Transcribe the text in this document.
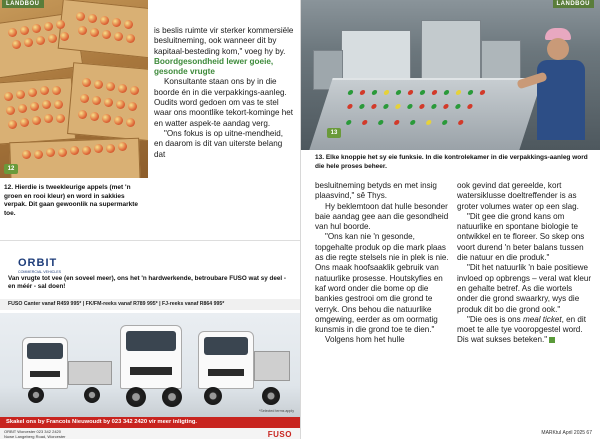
LANDBOU
12
12. Hierdie is tweekleurige appels (met 'n groen en rooi kleur) en word in sakkies verpak. Dit gaan gewoonlik na supermarkte toe.

is beslis ruimte vir sterker kommersiële besluitneming, ook wanneer dit by kapitaal-besteding kom," voeg hy by.

Boordgesondheid lewer goeie, gesonde vrugte

Konsultante staan ons by in die boorde én in die verpakkings-aanleg. Oudits word gedoen om vas te stel waar ons moontlike tekort-kominge het en watter aspek-te aandag verg.

"Ons fokus is op uitne-mendheid, en daarom is dit van uiterste belang dat

ORBIT
COMMERCIAL VEHICLES
Van vrugte tot vee (en soveel meer), ons het 'n hardwerkende, betroubare FUSO wat sy deel - en méér - sal doen!
FUSO Canter vanaf R459 995* | FK/FM-reeks vanaf R789 995* | FJ-reeks vanaf R864 995*
*Selected terms apply
Skakel ons by Francois Nieuwoudt by 023 342 2420 vir meer inligting.
ORBIT Worcester 023 342 2420
Nuwe Langeberg Road, Worcester	FUSO
13
LANDBOU
13. Elke knoppie het sy eie funksie. In die kontrolekamer in die verpakkings-aanleg word die hele proses beheer.

besluitneming betyds en met insig plaasvind," sê Thys.

Hy beklemtoon dat hulle besonder baie aandag gee aan die gesondheid van hul boorde.

"Ons kan nie 'n gesonde, topgehalte produk op die mark plaas as die regte stelsels nie in plek is nie. Ons maak hoofsaaklik gebruik van natuurlike prosesse. Houtskyfies en kaf word onder die bome op die bankies gestrooi om die grond te verryk. Ons behou die natuurlike omgewing, eerder as om oormatig kunsmis in die grond toe te dien."

Volgens hom het hulle

ook gevind dat gereelde, kort watersiklusse doeltreffender is as groter volumes water op een slag.

"Dit gee die grond kans om natuurlike en spontane biologie te ontwikkel en te floreer. So skep ons voort durend 'n beter balans tussen die natuur en die produk."

"Dit het natuurlik 'n baie positiewe invloed op opbrengs – veral wat kleur en gehalte betref. As die wortels onder die grond swaarkry, wys die produk dit bo die grond ook."

"Die oes is ons meal ticket, en dit moet te alle tye vooropgestel word. Dis wat sukses beteken."

MARKtuI April 2025 67
